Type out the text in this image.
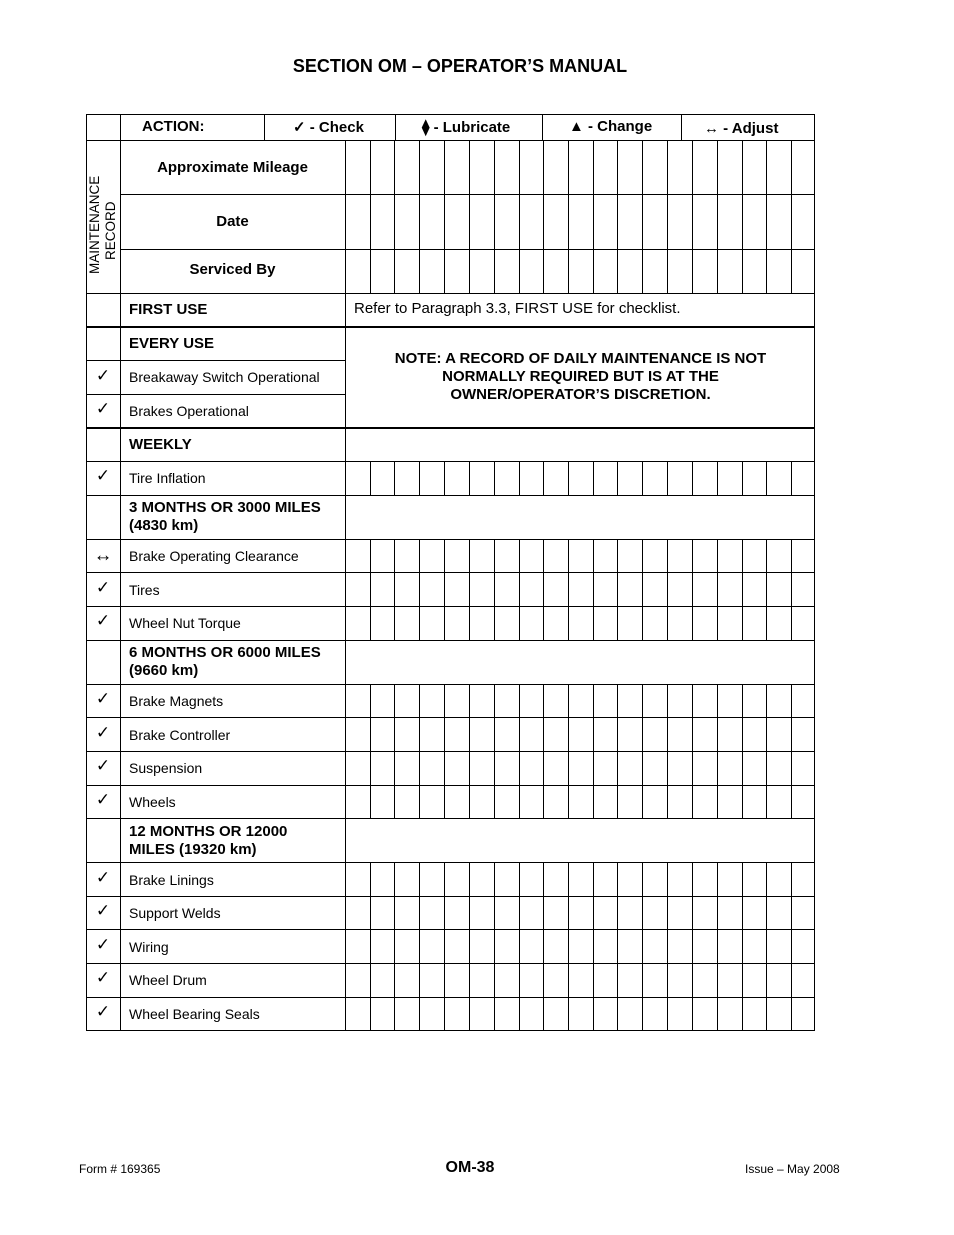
SECTION OM – OPERATOR’S MANUAL
ACTION:	✓ - Check	⧫ - Lubricate	▲ - Change	↔ - Adjust
MAINTENANCE RECORD
Approximate Mileage
Date
Serviced By
FIRST USE	Refer to Paragraph 3.3, FIRST USE for checklist.
EVERY USE
✓	Breakaway Switch Operational
✓	Brakes Operational
NOTE: A RECORD OF DAILY MAINTENANCE IS NOT
NORMALLY REQUIRED BUT IS AT THE
OWNER/OPERATOR’S DISCRETION.
WEEKLY
✓	Tire Inflation
3 MONTHS OR 3000 MILES
(4830 km)
↔	Brake Operating Clearance
✓	Tires
✓	Wheel Nut Torque
6 MONTHS OR 6000 MILES
(9660 km)
✓	Brake Magnets
✓	Brake Controller
✓	Suspension
✓	Wheels
12 MONTHS OR 12000
MILES (19320 km)
✓	Brake Linings
✓	Support Welds
✓	Wiring
✓	Wheel Drum
✓	Wheel Bearing Seals
Form # 169365	OM-38	Issue – May 2008
